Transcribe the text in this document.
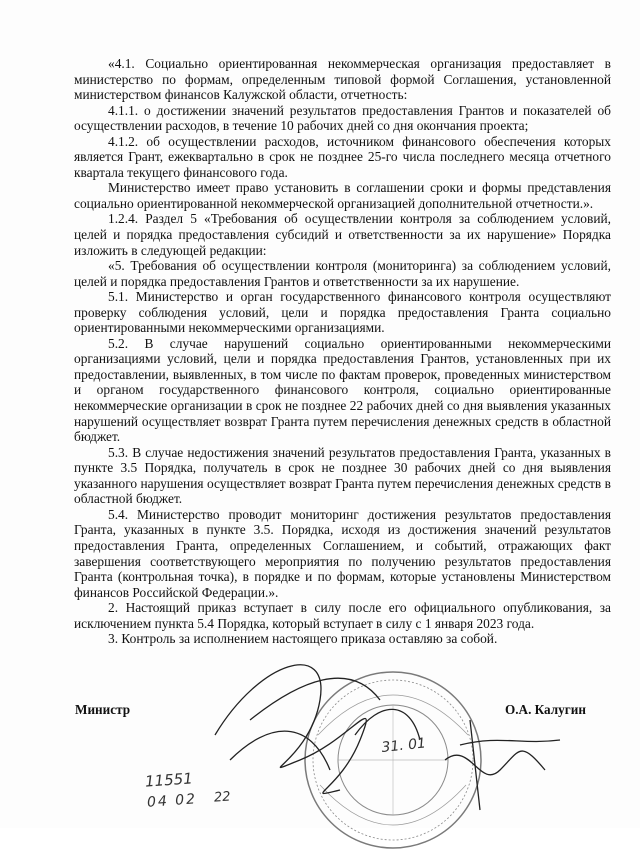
«4.1. Социально ориентированная некоммерческая организация предоставляет в министерство по формам, определенным типовой формой Соглашения, установленной министерством финансов Калужской области, отчетность:

4.1.1. о достижении значений результатов предоставления Грантов и показателей об осуществлении расходов, в течение 10 рабочих дней со дня окончания проекта;

4.1.2. об осуществлении расходов, источником финансового обеспечения которых является Грант, ежеквартально в срок не позднее 25-го числа последнего месяца отчетного квартала текущего финансового года.

Министерство имеет право установить в соглашении сроки и формы представления социально ориентированной некоммерческой организацией дополнительной отчетности.».

1.2.4. Раздел 5 «Требования об осуществлении контроля за соблюдением условий, целей и порядка предоставления субсидий и ответственности за их нарушение» Порядка изложить в следующей редакции:

«5. Требования об осуществлении контроля (мониторинга) за соблюдением условий, целей и порядка предоставления Грантов и ответственности за их нарушение.

5.1. Министерство и орган государственного финансового контроля осуществляют проверку соблюдения условий, цели и порядка предоставления Гранта социально ориентированными некоммерческими организациями.

5.2. В случае нарушений социально ориентированными некоммерческими организациями условий, цели и порядка предоставления Грантов, установленных при их предоставлении, выявленных, в том числе по фактам проверок, проведенных министерством и органом государственного финансового контроля, социально ориентированные некоммерческие организации в срок не позднее 22 рабочих дней со дня выявления указанных нарушений осуществляет возврат Гранта путем перечисления денежных средств в областной бюджет.

5.3. В случае недостижения значений результатов предоставления Гранта, указанных в пункте 3.5 Порядка, получатель в срок не позднее 30 рабочих дней со дня выявления указанного нарушения осуществляет возврат Гранта путем перечисления денежных средств в областной бюджет.

5.4. Министерство проводит мониторинг достижения результатов предоставления Гранта, указанных в пункте 3.5. Порядка, исходя из достижения значений результатов предоставления Гранта, определенных Соглашением, и событий, отражающих факт завершения соответствующего мероприятия по получению результатов предоставления Гранта (контрольная точка), в порядке и по формам, которые установлены Министерством финансов Российской Федерации.».

2. Настоящий приказ вступает в силу после его официального опубликования, за исключением пункта 5.4 Порядка, который вступает в силу с 1 января 2023 года.

3. Контроль за исполнением настоящего приказа оставляю за собой.

Министр	О.А. Калугин
31. 01
11551
04 02 22
